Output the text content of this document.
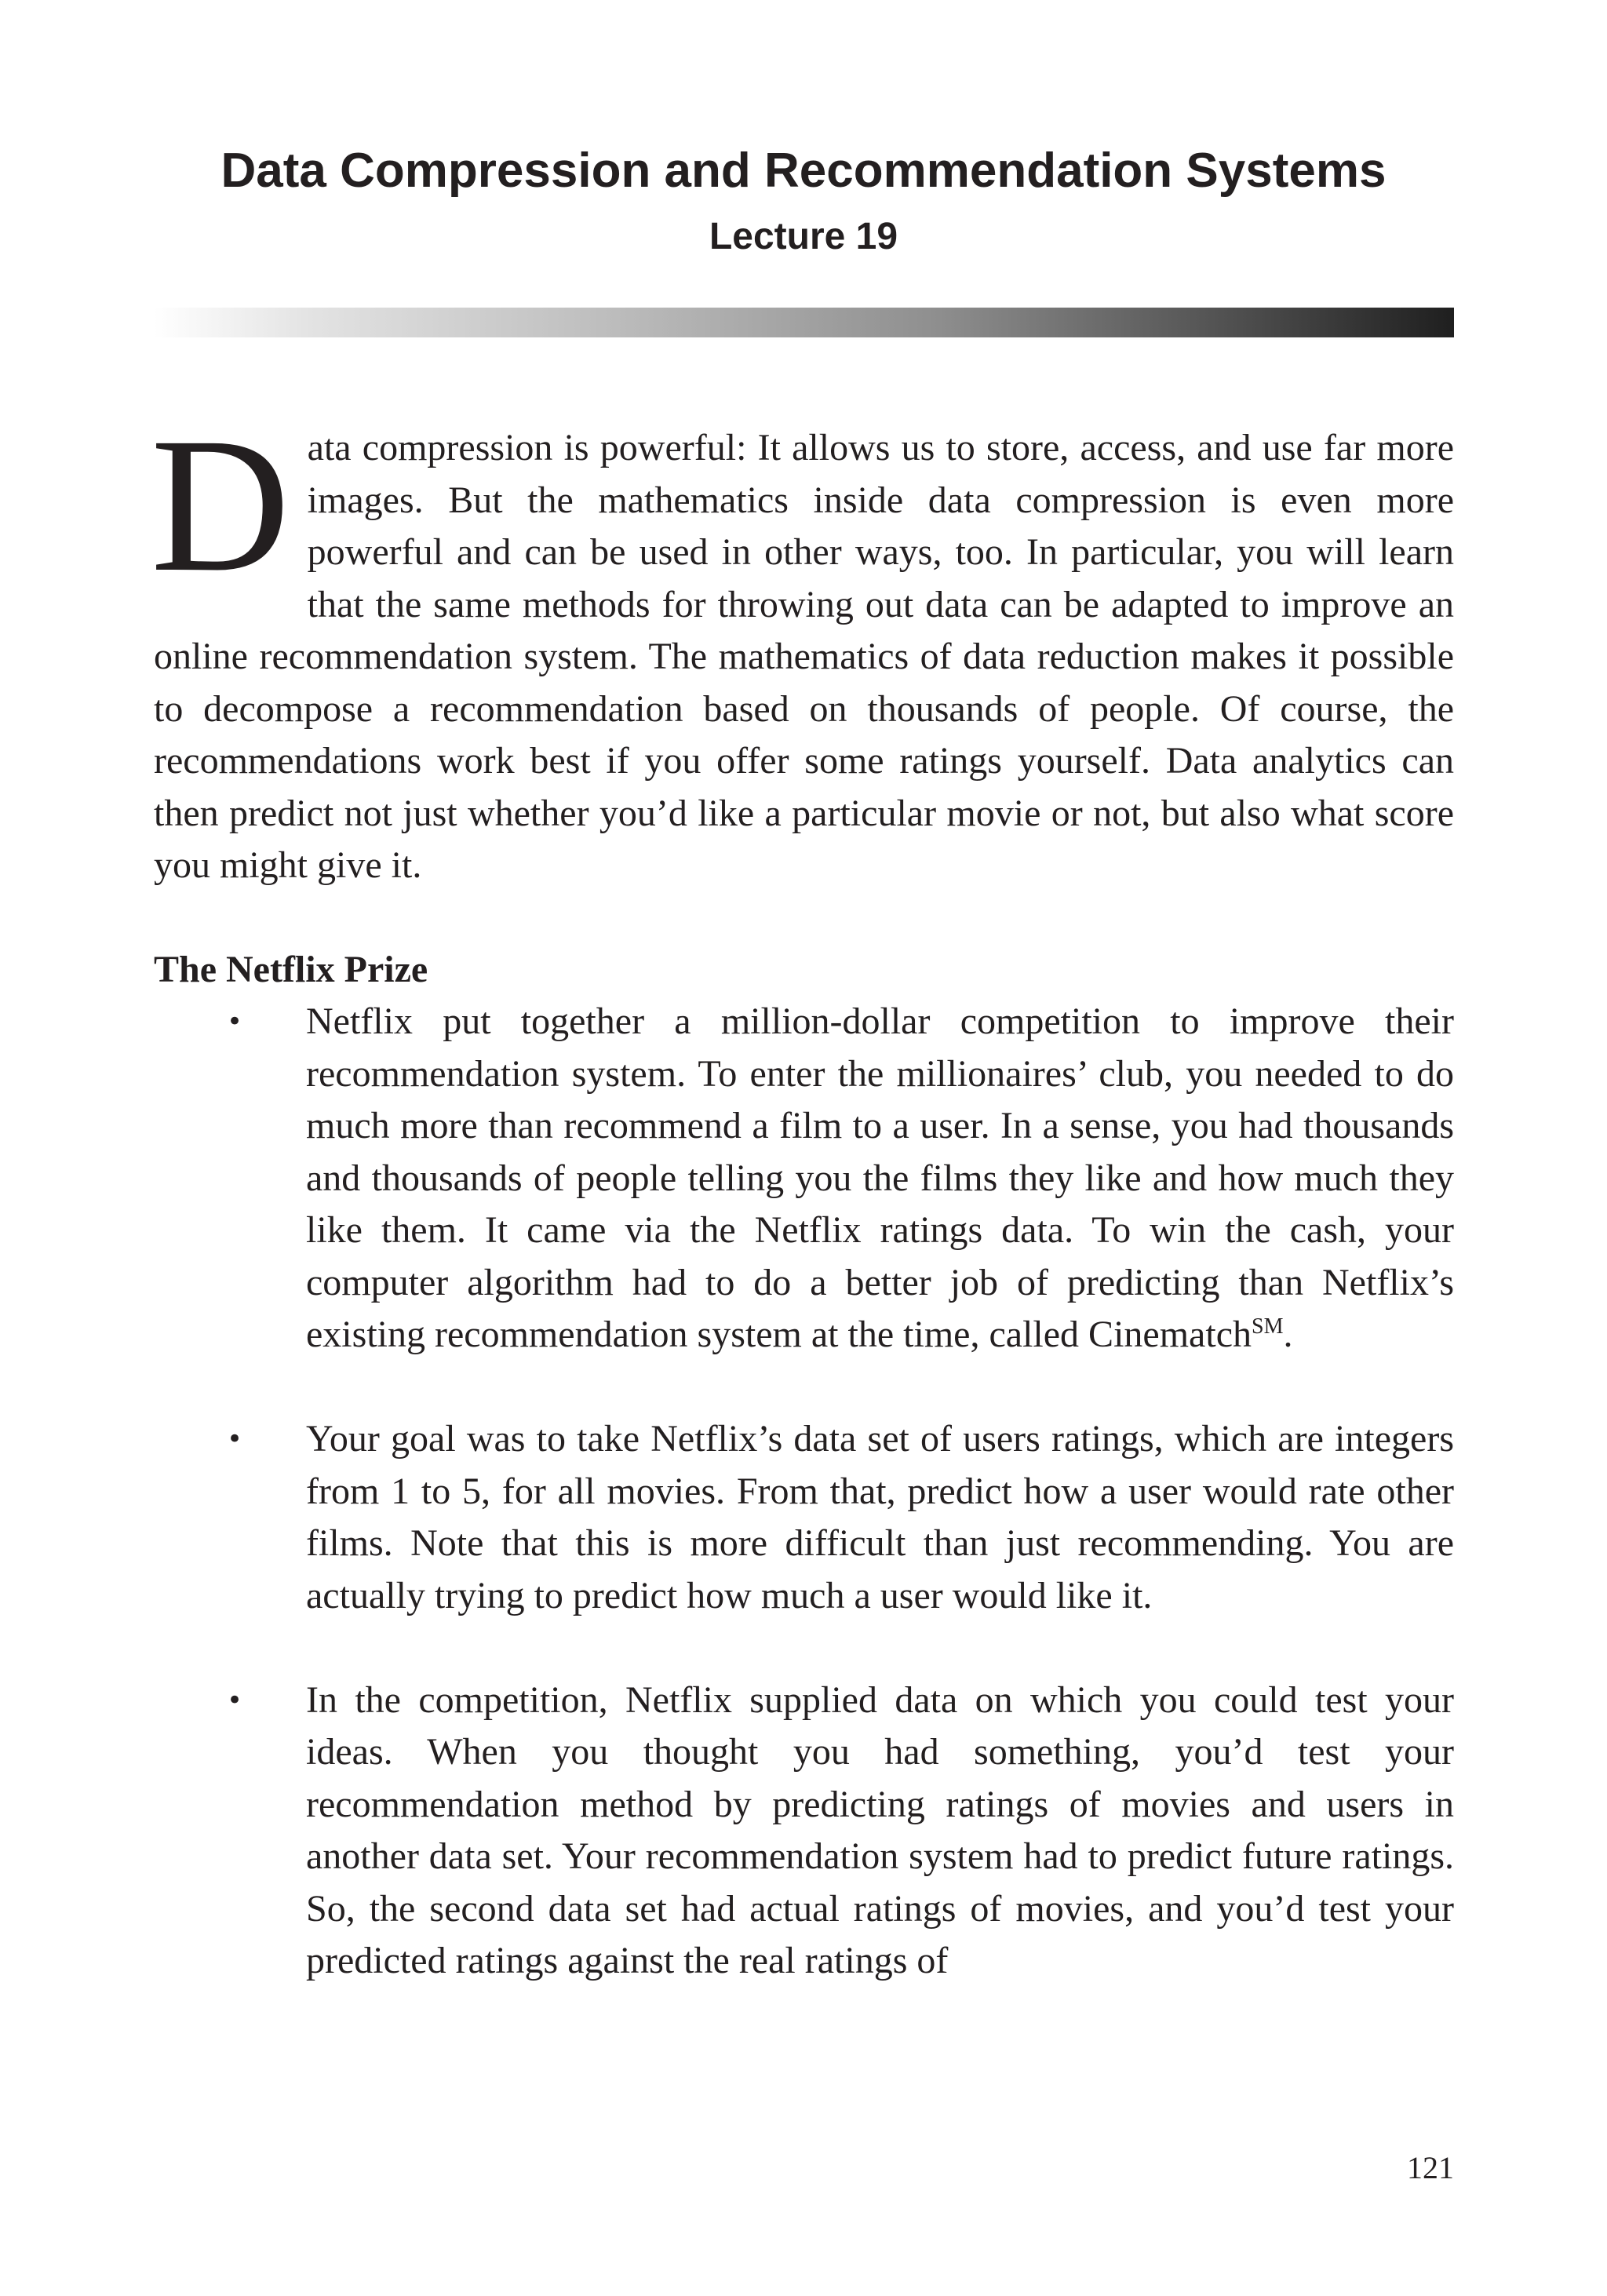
Data Compression and Recommendation Systems
Lecture 19

Data compression is powerful: It allows us to store, access, and use far more images. But the mathematics inside data compression is even more powerful and can be used in other ways, too. In particular, you will learn that the same methods for throwing out data can be adapted to improve an online recommendation system. The mathematics of data reduction makes it possible to decompose a recommendation based on thousands of people. Of course, the recommendations work best if you offer some ratings yourself. Data analytics can then predict not just whether you’d like a particular movie or not, but also what score you might give it.

The Netflix Prize
• Netflix put together a million-dollar competition to improve their recommendation system. To enter the millionaires’ club, you needed to do much more than recommend a film to a user. In a sense, you had thousands and thousands of people telling you the films they like and how much they like them. It came via the Netflix ratings data. To win the cash, your computer algorithm had to do a better job of predicting than Netflix’s existing recommendation system at the time, called Cinematch℠.
• Your goal was to take Netflix’s data set of users ratings, which are integers from 1 to 5, for all movies. From that, predict how a user would rate other films. Note that this is more difficult than just recommending. You are actually trying to predict how much a user would like it.
• In the competition, Netflix supplied data on which you could test your ideas. When you thought you had something, you’d test your recommendation method by predicting ratings of movies and users in another data set. Your recommendation system had to predict future ratings. So, the second data set had actual ratings of movies, and you’d test your predicted ratings against the real ratings of
121
